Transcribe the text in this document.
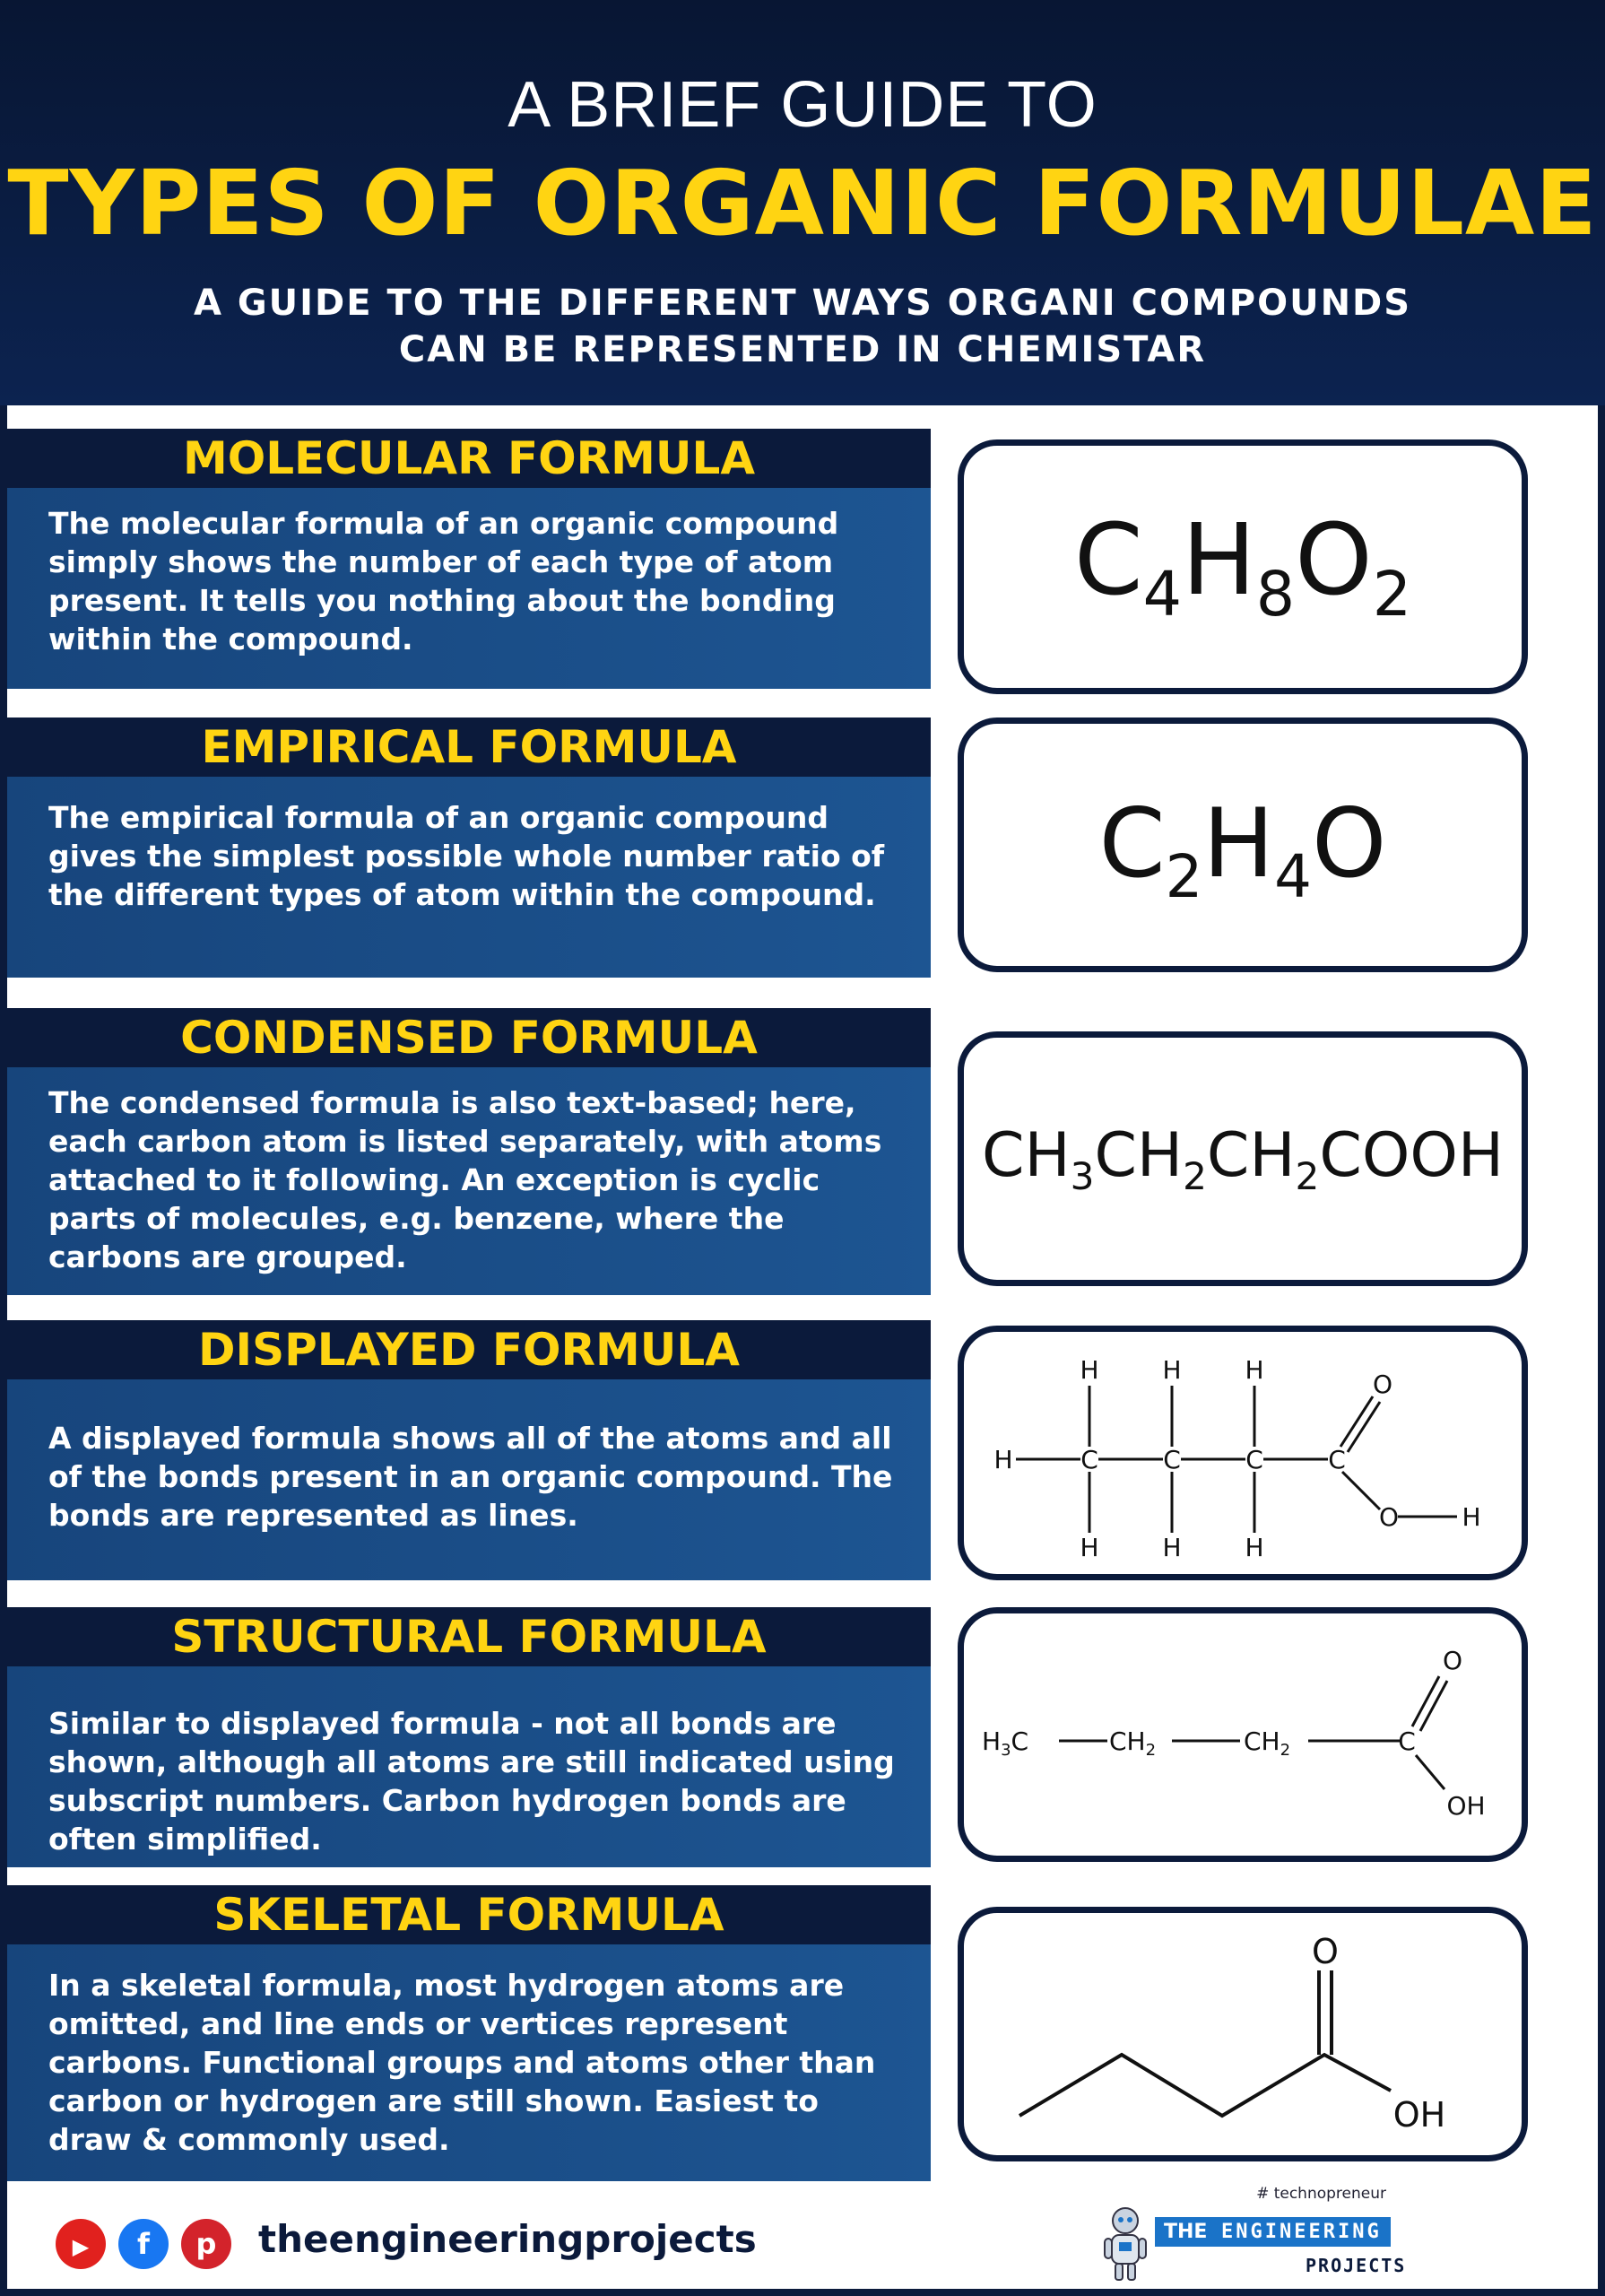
A BRIEF GUIDE TO
TYPES OF ORGANIC FORMULAE
A GUIDE TO THE DIFFERENT WAYS ORGANI COMPOUNDS
CAN BE REPRESENTED IN CHEMISTAR
MOLECULAR FORMULA
The molecular formula of an organic compound
simply shows the number of each type of atom
present. It tells you nothing about the bonding
within the compound.
EMPIRICAL FORMULA
The empirical formula of an organic compound
gives the simplest possible whole number ratio of
the different types of atom within the compound.
CONDENSED FORMULA
The condensed formula is also text-based; here,
each carbon atom is listed separately, with atoms
attached to it following. An exception is cyclic
parts of molecules, e.g. benzene, where the
carbons are grouped.
DISPLAYED FORMULA
A displayed formula shows all of the atoms and all
of the bonds present in an organic compound. The
bonds are represented as lines.
STRUCTURAL FORMULA
Similar to displayed formula - not all bonds are
shown, although all atoms are still indicated using
subscript numbers. Carbon hydrogen bonds are
often simplified.
SKELETAL FORMULA
In a skeletal formula, most hydrogen atoms are
omitted, and line ends or vertices represent
carbons. Functional groups and atoms other than
carbon or hydrogen are still shown. Easiest to
draw & commonly used.
$C_4H_8O_2$
$C_2H_4O$
$CH_3CH_2CH_2COOH$
H	C	C	C	C
H	H	H
H	H	H
O
O	H
$H_3C$	$CH_2$	$CH_2$	C
O
OH
O
OH
▶	f	p	theengineeringprojects
# technopreneur
THE ENGINEERING
PROJECTS
